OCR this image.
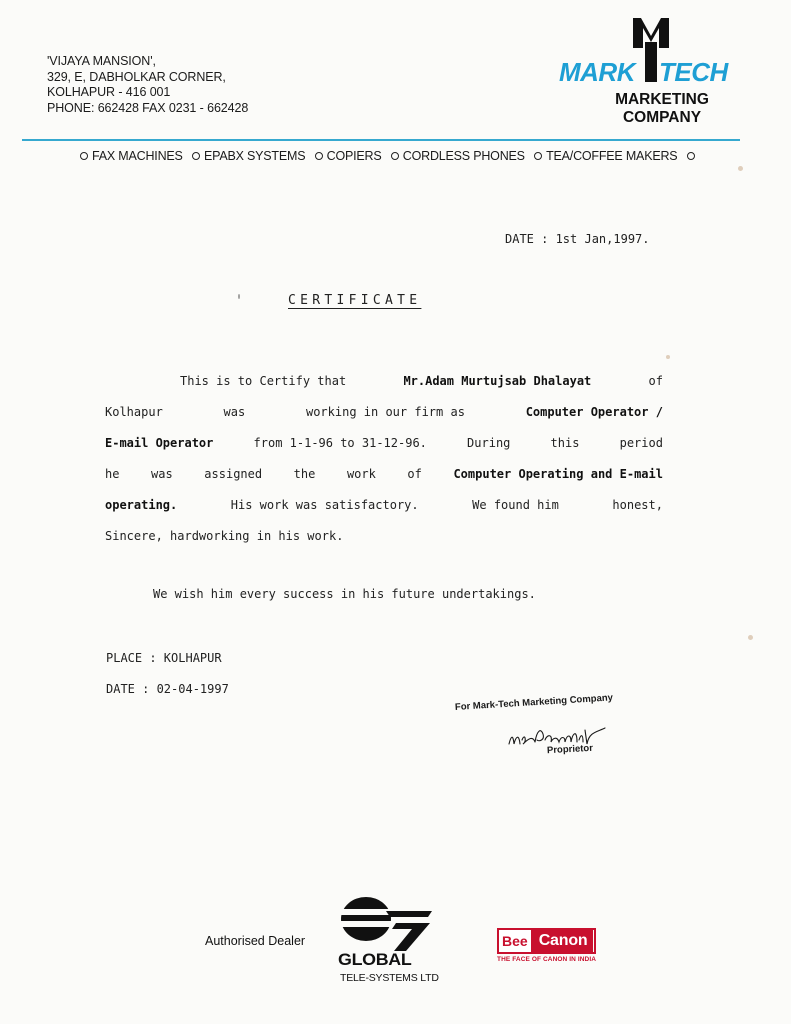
'VIJAYA MANSION',
329, E, DABHOLKAR CORNER,
KOLHAPUR - 416 001
PHONE: 662428 FAX 0231 - 662428
MARK TECH
MARKETING
COMPANY
FAX MACHINES EPABX SYSTEMS COPIERS CORDLESS PHONES TEA/COFFEE MAKERS
DATE : 1st Jan,1997.
CERTIFICATE
This is to Certify that	Mr.Adam Murtujsab Dhalayat	of
Kolhapur	was	working in our firm as	Computer Operator /
E-mail Operator	from 1-1-96 to 31-12-96.	During	this	period
he	was	assigned	the	work	of	Computer Operating and E-mail
operating.	His work was satisfactory.	We found him	honest,
Sincere, hardworking in his work.
We wish him every success in his future undertakings.
PLACE : KOLHAPUR
DATE : 02-04-1997
For Mark-Tech Marketing Company
Proprietor
Authorised Dealer
GLOBAL
TELE-SYSTEMS LTD
Bee Canon
THE FACE OF CANON IN INDIA
